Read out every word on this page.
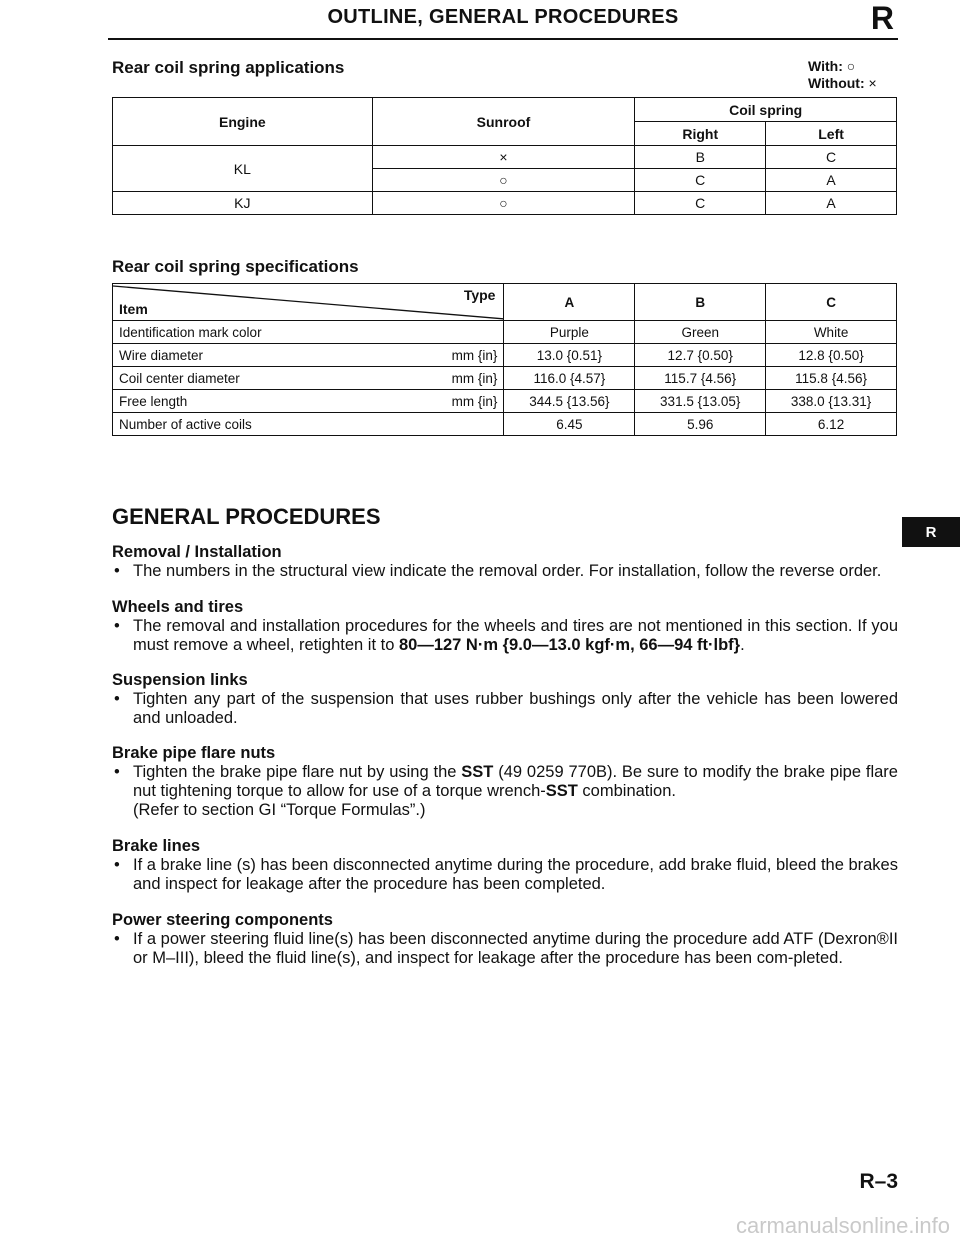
OUTLINE, GENERAL PROCEDURES	R
Rear coil spring applications	With: ○
Without: ×
Engine	Sunroof	Coil spring	
		Right	Left
KL	×	B	C
	○	C	A
KJ	○	C	A
Rear coil spring specifications
Type
Item	A	B	C
Identification mark color	Purple	Green	White
Wire diameter mm {in}	13.0 {0.51}	12.7 {0.50}	12.8 {0.50}
Coil center diameter mm {in}	116.0 {4.57}	115.7 {4.56}	115.8 {4.56}
Free length mm {in}	344.5 {13.56}	331.5 {13.05}	338.0 {13.31}
Number of active coils	6.45	5.96	6.12
GENERAL PROCEDURES
R
Removal / Installation
• The numbers in the structural view indicate the removal order. For installation, follow the reverse order.
Wheels and tires
• The removal and installation procedures for the wheels and tires are not mentioned in this section. If you must remove a wheel, retighten it to 80—127 N·m {9.0—13.0 kgf·m, 66—94 ft·lbf}.
Suspension links
• Tighten any part of the suspension that uses rubber bushings only after the vehicle has been lowered and unloaded.
Brake pipe flare nuts
• Tighten the brake pipe flare nut by using the SST (49 0259 770B). Be sure to modify the brake pipe flare nut tightening torque to allow for use of a torque wrench-SST combination.
(Refer to section GI “Torque Formulas”.)
Brake lines
• If a brake line (s) has been disconnected anytime during the procedure, add brake fluid, bleed the brakes and inspect for leakage after the procedure has been completed.
Power steering components
• If a power steering fluid line(s) has been disconnected anytime during the procedure add ATF (Dexron®II or M–III), bleed the fluid line(s), and inspect for leakage after the procedure has been com-pleted.
R–3
carmanualsonline.info
